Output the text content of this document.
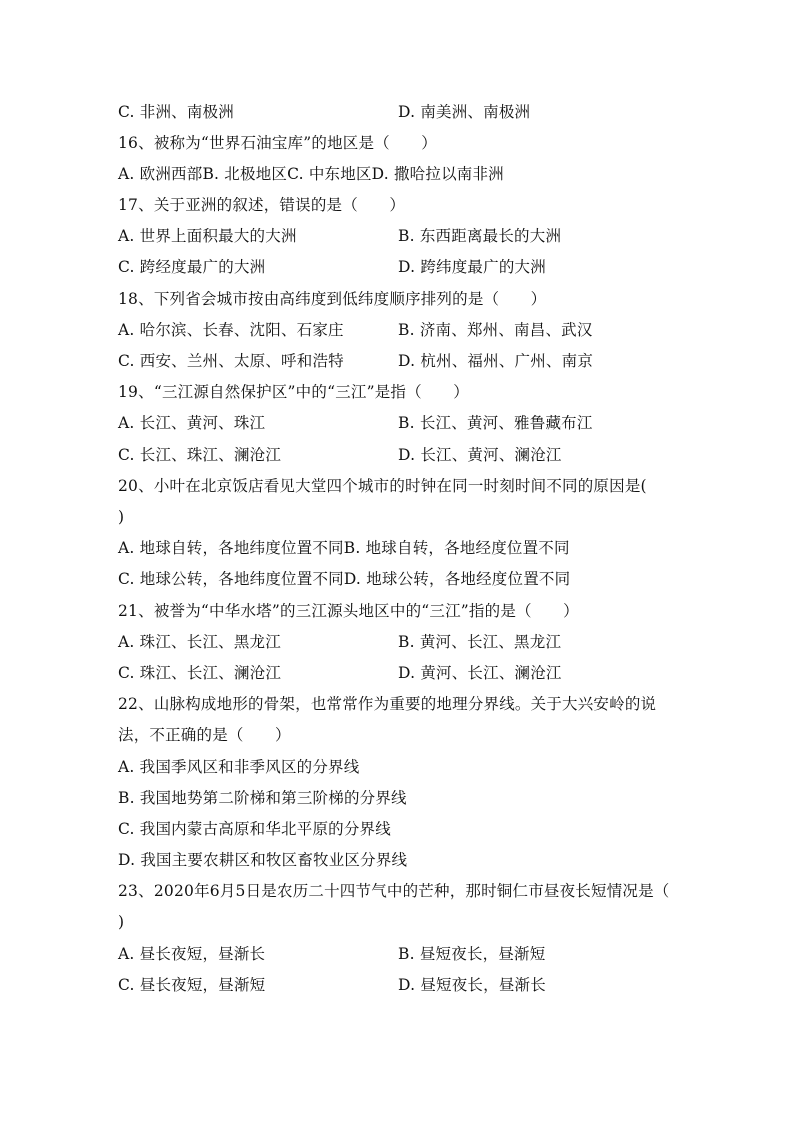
C. 非洲、南极洲	D. 南美洲、南极洲
16、被称为“世界石油宝库”的地区是（　　）
A. 欧洲西部B. 北极地区C. 中东地区D. 撒哈拉以南非洲
17、关于亚洲的叙述，错误的是（　　）
A. 世界上面积最大的大洲	B. 东西距离最长的大洲
C. 跨经度最广的大洲	D. 跨纬度最广的大洲
18、下列省会城市按由高纬度到低纬度顺序排列的是（　　）
A. 哈尔滨、长春、沈阳、石家庄	B. 济南、郑州、南昌、武汉
C. 西安、兰州、太原、呼和浩特	D. 杭州、福州、广州、南京
19、“三江源自然保护区”中的“三江”是指（　　）
A. 长江、黄河、珠江	B. 长江、黄河、雅鲁藏布江
C. 长江、珠江、澜沧江	D. 长江、黄河、澜沧江
20、小叶在北京饭店看见大堂四个城市的时钟在同一时刻时间不同的原因是(
)
A. 地球自转，各地纬度位置不同B. 地球自转，各地经度位置不同
C. 地球公转，各地纬度位置不同D. 地球公转，各地经度位置不同
21、被誉为“中华水塔”的三江源头地区中的“三江”指的是（　　）
A. 珠江、长江、黑龙江	B. 黄河、长江、黑龙江
C. 珠江、长江、澜沧江	D. 黄河、长江、澜沧江
22、山脉构成地形的骨架，也常常作为重要的地理分界线。关于大兴安岭的说
法，不正确的是（　　）
A. 我国季风区和非季风区的分界线
B. 我国地势第二阶梯和第三阶梯的分界线
C. 我国内蒙古高原和华北平原的分界线
D. 我国主要农耕区和牧区畜牧业区分界线
23、2020年6月5日是农历二十四节气中的芒种，那时铜仁市昼夜长短情况是（
)
A. 昼长夜短，昼渐长	B. 昼短夜长，昼渐短
C. 昼长夜短，昼渐短	D. 昼短夜长，昼渐长
